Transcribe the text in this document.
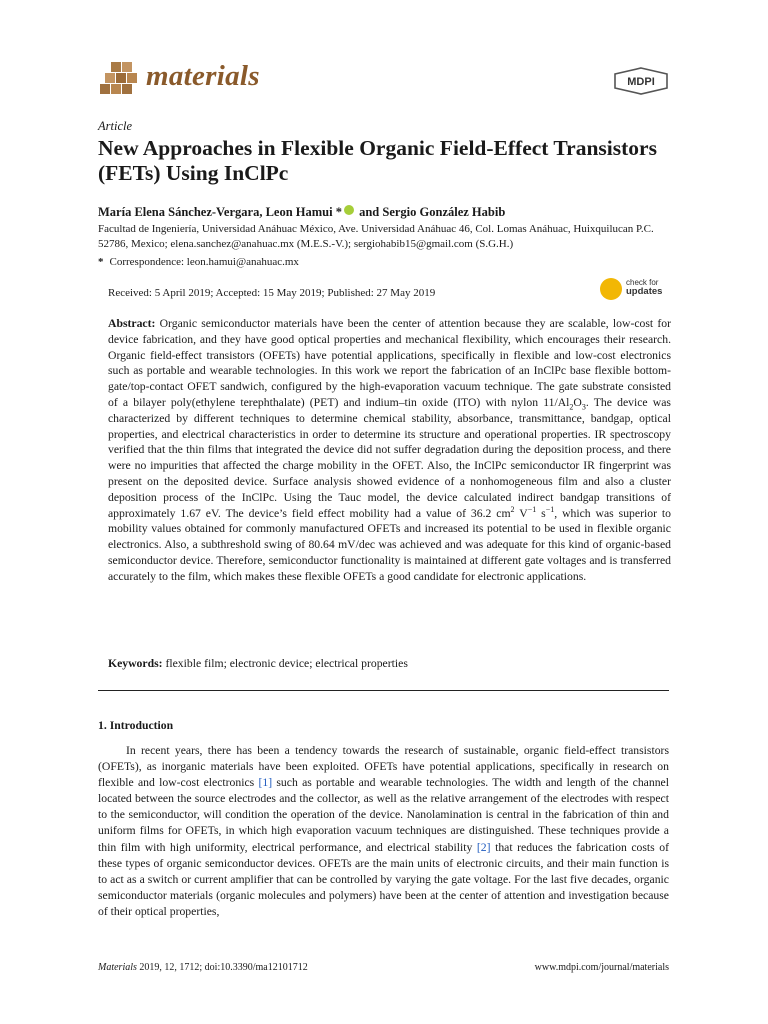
materials	MDPI
Article
New Approaches in Flexible Organic Field-Effect Transistors (FETs) Using InClPc
María Elena Sánchez-Vergara, Leon Hamui * and Sergio González Habib
Facultad de Ingeniería, Universidad Anáhuac México, Ave. Universidad Anáhuac 46, Col. Lomas Anáhuac, Huixquilucan P.C. 52786, Mexico; elena.sanchez@anahuac.mx (M.E.S.-V.); sergiohabib15@gmail.com (S.G.H.)
* Correspondence: leon.hamui@anahuac.mx
Received: 5 April 2019; Accepted: 15 May 2019; Published: 27 May 2019
check for
updates
Abstract: Organic semiconductor materials have been the center of attention because they are scalable, low-cost for device fabrication, and they have good optical properties and mechanical flexibility, which encourages their research. Organic field-effect transistors (OFETs) have potential applications, specifically in flexible and low-cost electronics such as portable and wearable technologies. In this work we report the fabrication of an InClPc base flexible bottom-gate/top-contact OFET sandwich, configured by the high-evaporation vacuum technique. The gate substrate consisted of a bilayer poly(ethylene terephthalate) (PET) and indium–tin oxide (ITO) with nylon $11/Al_2O_3$. The device was characterized by different techniques to determine chemical stability, absorbance, transmittance, bandgap, optical properties, and electrical characteristics in order to determine its structure and operational properties. IR spectroscopy verified that the thin films that integrated the device did not suffer degradation during the deposition process, and there were no impurities that affected the charge mobility in the OFET. Also, the InClPc semiconductor IR fingerprint was present on the deposited device. Surface analysis showed evidence of a nonhomogeneous film and also a cluster deposition process of the InClPc. Using the Tauc model, the device calculated indirect bandgap transitions of approximately 1.67 eV. The device’s field effect mobility had a value of 36.2 $cm^2$ $V^{-1}$ $s^{-1}$, which was superior to mobility values obtained for commonly manufactured OFETs and increased its potential to be used in flexible organic electronics. Also, a subthreshold swing of 80.64 mV/dec was achieved and was adequate for this kind of organic-based semiconductor device. Therefore, semiconductor functionality is maintained at different gate voltages and is transferred accurately to the film, which makes these flexible OFETs a good candidate for electronic applications.
Keywords: flexible film; electronic device; electrical properties
1. Introduction
In recent years, there has been a tendency towards the research of sustainable, organic field-effect transistors (OFETs), as inorganic materials have been exploited. OFETs have potential applications, specifically in research on flexible and low-cost electronics [1] such as portable and wearable technologies. The width and length of the channel located between the source electrodes and the collector, as well as the relative arrangement of the electrodes with respect to the semiconductor, will condition the operation of the device. Nanolamination is central in the fabrication of thin and uniform films for OFETs, in which high evaporation vacuum techniques are distinguished. These techniques provide a thin film with high uniformity, electrical performance, and electrical stability [2] that reduces the fabrication costs of these types of organic semiconductor devices. OFETs are the main units of electronic circuits, and their main function is to act as a switch or current amplifier that can be controlled by varying the gate voltage. For the last five decades, organic semiconductor materials (organic molecules and polymers) have been at the center of attention and investigation because of their optical properties,
Materials 2019, 12, 1712; doi:10.3390/ma12101712	www.mdpi.com/journal/materials
